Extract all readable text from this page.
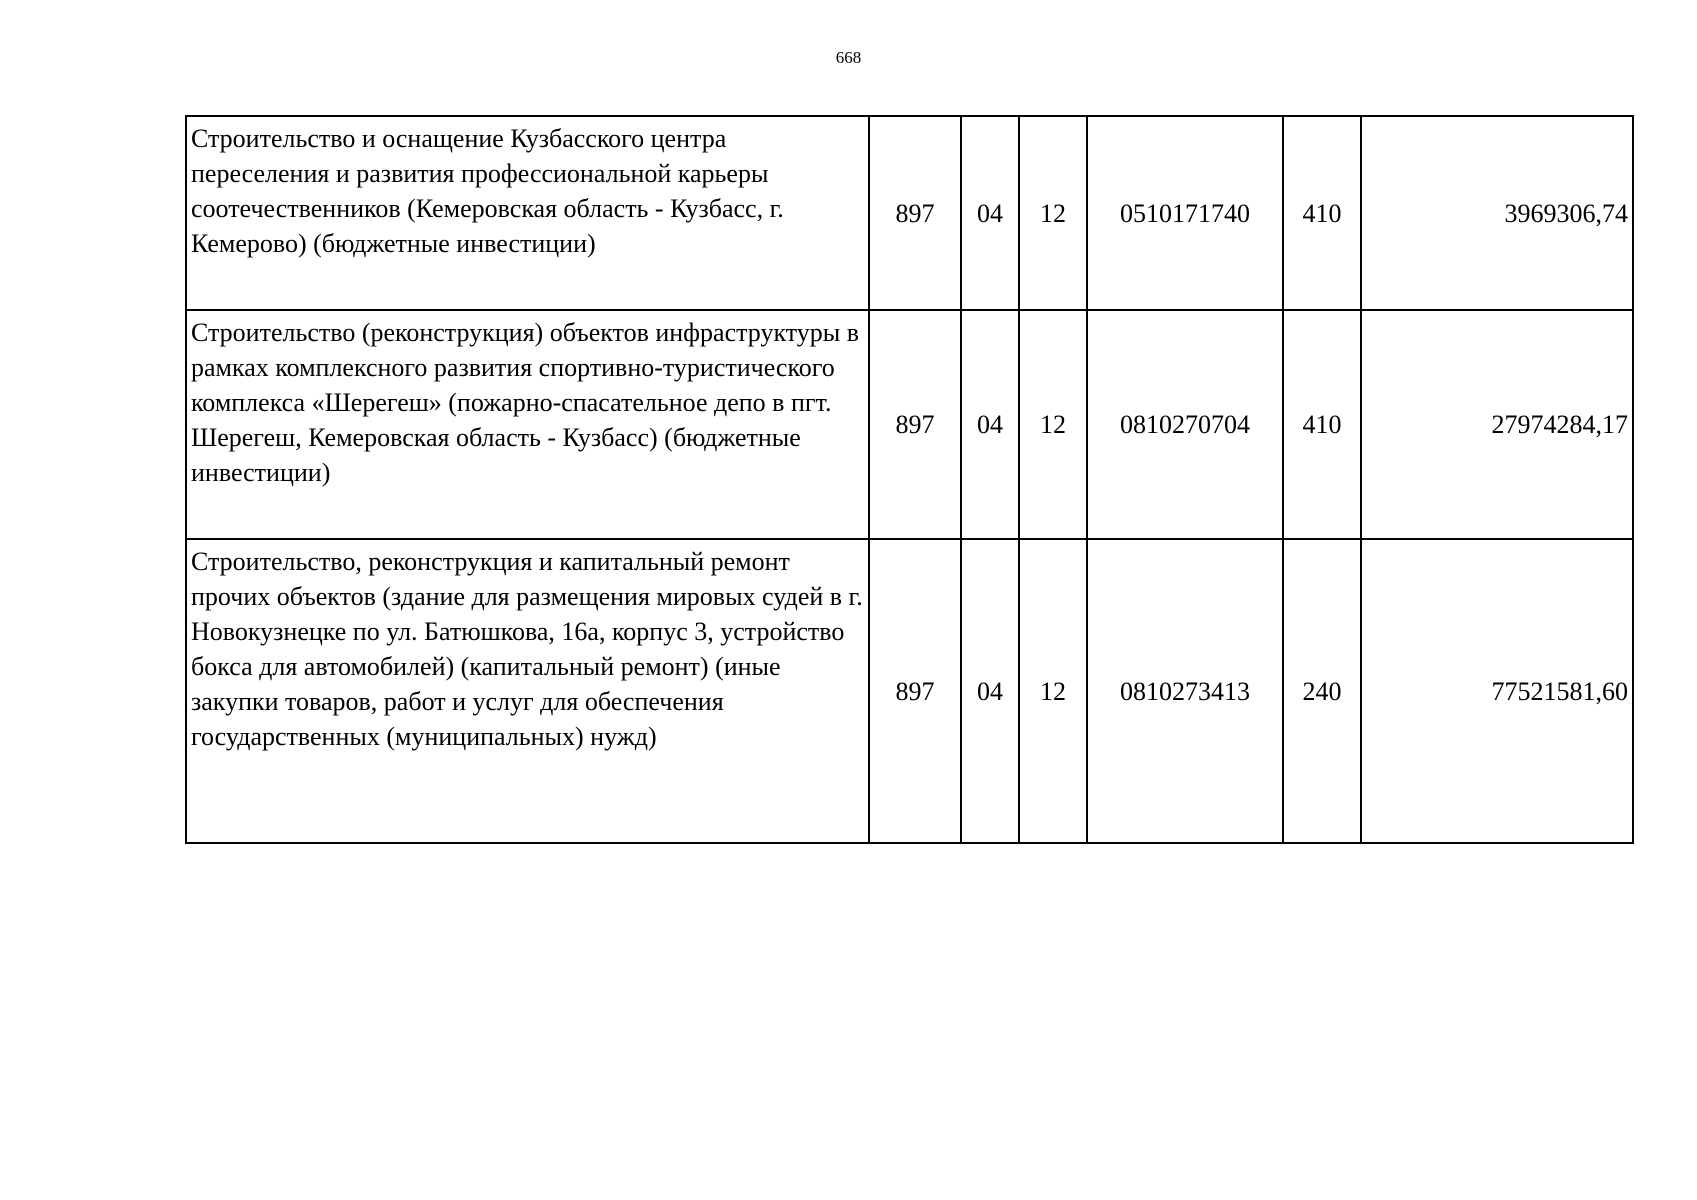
668
Строительство и оснащение Кузбасского центра переселения и развития профессиональной карьеры соотечественников (Кемеровская область - Кузбасс, г. Кемерово) (бюджетные инвестиции)	897	04	12	0510171740	410	3969306,74
Строительство (реконструкция) объектов инфраструктуры в рамках комплексного развития спортивно-туристического комплекса «Шерегеш» (пожарно-спасательное депо в пгт. Шерегеш, Кемеровская область - Кузбасс) (бюджетные инвестиции)	897	04	12	0810270704	410	27974284,17
Строительство, реконструкция и капитальный ремонт прочих объектов (здание для размещения мировых судей в г. Новокузнецке по ул. Батюшкова, 16а, корпус 3, устройство бокса для автомобилей) (капитальный ремонт) (иные закупки товаров, работ и услуг для обеспечения государственных (муниципальных) нужд)	897	04	12	0810273413	240	77521581,60
